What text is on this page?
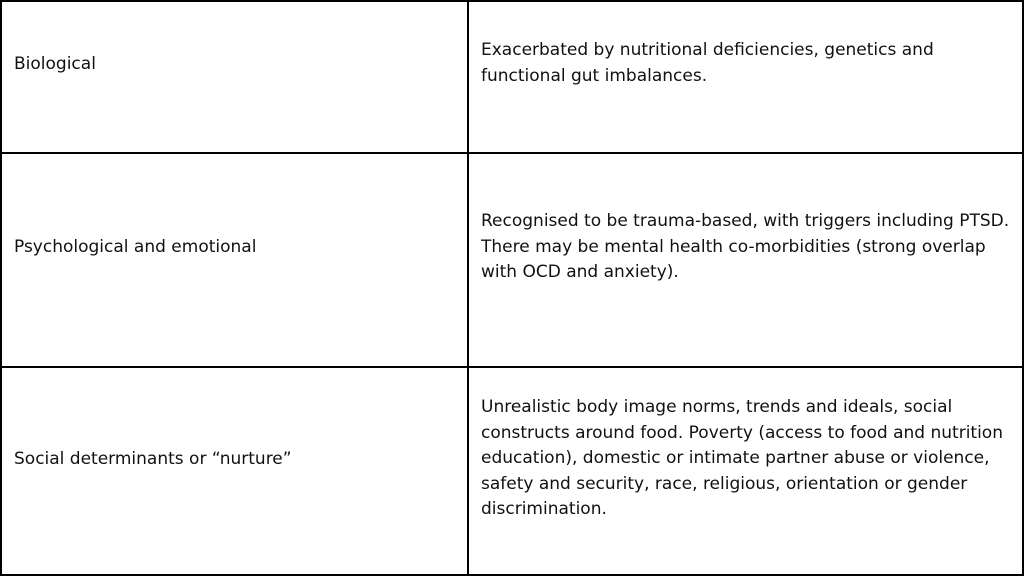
Biological
Exacerbated by nutritional deficiencies, genetics and functional gut imbalances.
Psychological and emotional
Recognised to be trauma-based, with triggers including PTSD. There may be mental health co-morbidities (strong overlap with OCD and anxiety).
Social determinants or “nurture”
Unrealistic body image norms, trends and ideals, social constructs around food. Poverty (access to food and nutrition education), domestic or intimate partner abuse or violence, safety and security, race, religious, orientation or gender discrimination.
